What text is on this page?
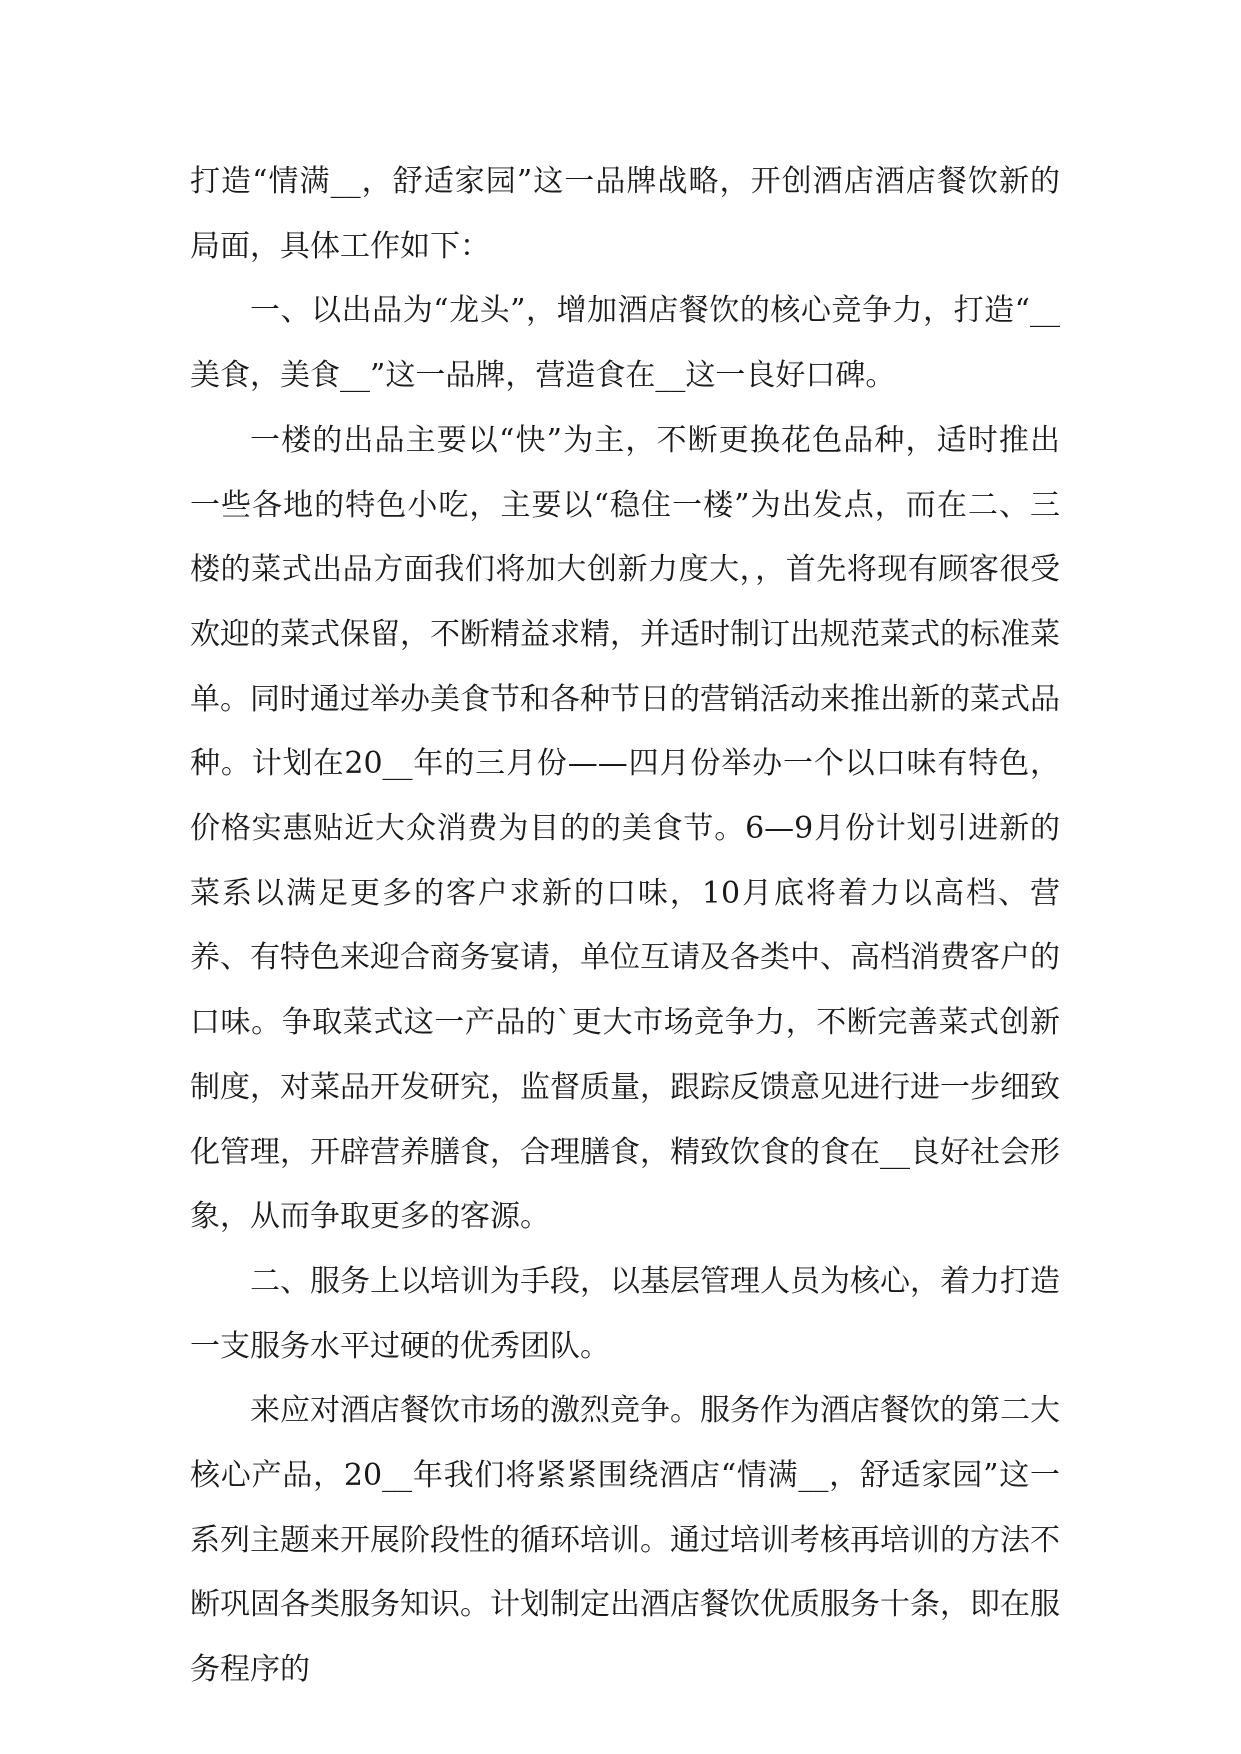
打造“情满__，舒适家园”这一品牌战略，开创酒店酒店餐饮新的局面，具体工作如下：

一、以出品为“龙头”，增加酒店餐饮的核心竞争力，打造“__美食，美食__”这一品牌，营造食在__这一良好口碑。

一楼的出品主要以“快”为主，不断更换花色品种，适时推出一些各地的特色小吃，主要以“稳住一楼”为出发点，而在二、三楼的菜式出品方面我们将加大创新力度大，，首先将现有顾客很受欢迎的菜式保留，不断精益求精，并适时制订出规范菜式的标准菜单。同时通过举办美食节和各种节日的营销活动来推出新的菜式品种。计划在20__年的三月份——四月份举办一个以口味有特色，价格实惠贴近大众消费为目的的美食节。6—9月份计划引进新的菜系以满足更多的客户求新的口味，10月底将着力以高档、营养、有特色来迎合商务宴请，单位互请及各类中、高档消费客户的口味。争取菜式这一产品的`更大市场竞争力，不断完善菜式创新制度，对菜品开发研究，监督质量，跟踪反馈意见进行进一步细致化管理，开辟营养膳食，合理膳食，精致饮食的食在__良好社会形象，从而争取更多的客源。

二、服务上以培训为手段，以基层管理人员为核心，着力打造一支服务水平过硬的优秀团队。

来应对酒店餐饮市场的激烈竞争。服务作为酒店餐饮的第二大核心产品，20__年我们将紧紧围绕酒店“情满__，舒适家园”这一系列主题来开展阶段性的循环培训。通过培训考核再培训的方法不断巩固各类服务知识。计划制定出酒店餐饮优质服务十条，即在服务程序的
